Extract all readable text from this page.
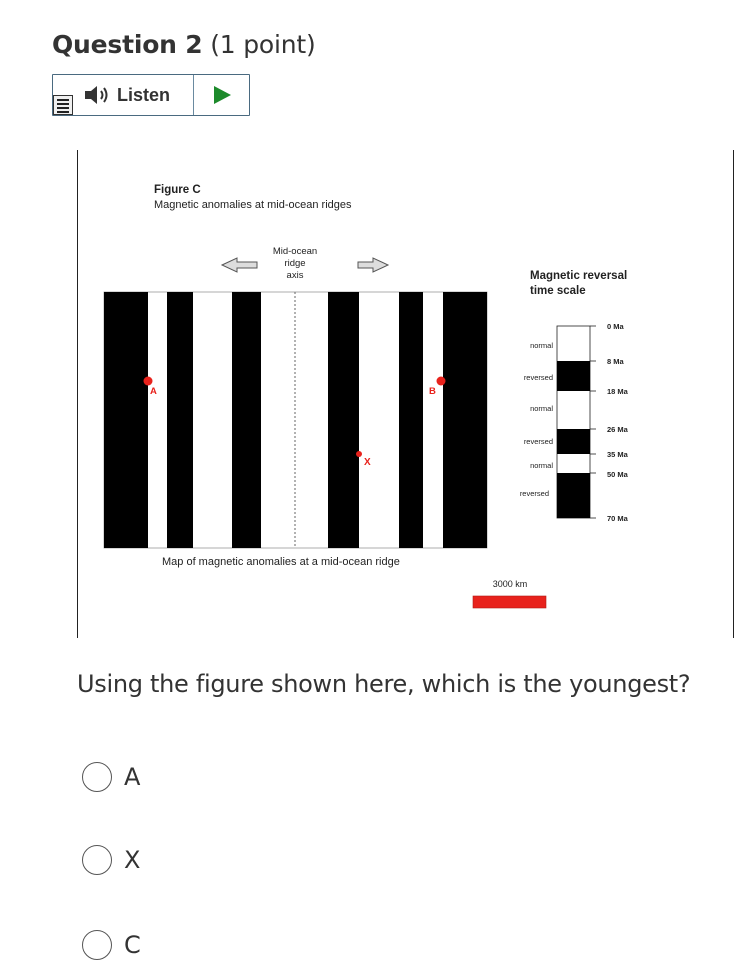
Question 2 (1 point)
Listen
Figure C
Magnetic anomalies at mid-ocean ridges
Mid-ocean
ridge
axis
A	B
X
Map of magnetic anomalies at a mid-ocean ridge
Magnetic reversal
time scale
normal
reversed
normal
reversed
normal
reversed
0 Ma
8 Ma
18 Ma
26 Ma
35 Ma
50 Ma
70 Ma
3000 km
Using the figure shown here, which is the youngest?
A
X
C
